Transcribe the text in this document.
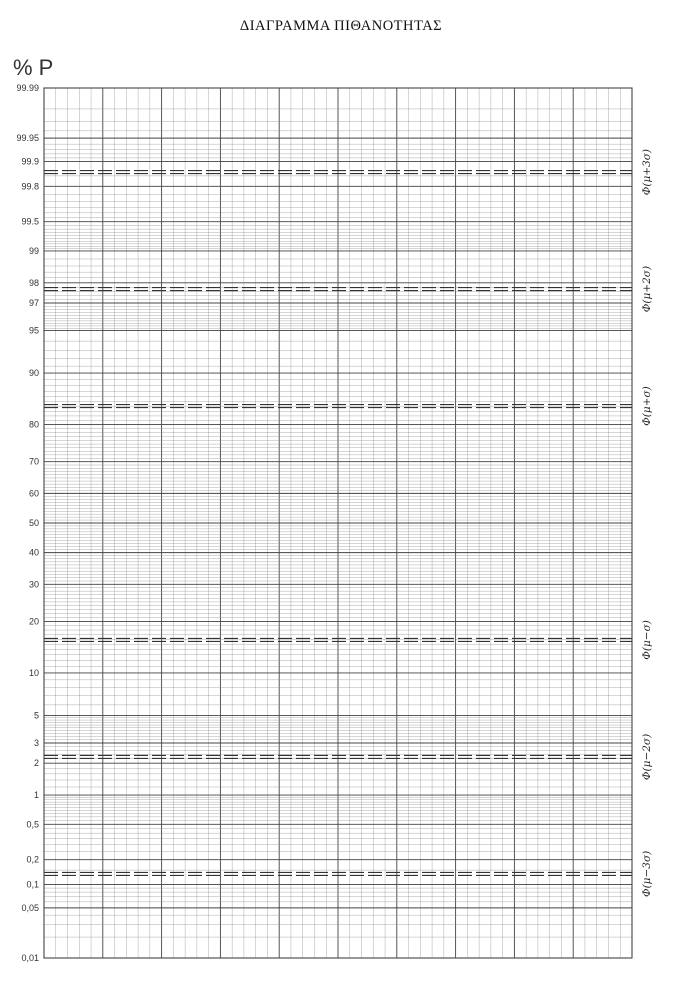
ΔΙΑΓΡΑΜΜΑ ΠΙΘΑΝΟΤΗΤΑΣ
% P
99.99
99.95
99.9
99.8
99.5
99
98
97
95
90
80
70
60
50
40
30
20
10
5
3
2
1
0,5
0,2
0,1
0,05
0,01
Φ(μ+3σ)
Φ(μ+2σ)
Φ(μ+σ)
Φ(μ−σ)
Φ(μ−2σ)
Φ(μ−3σ)
